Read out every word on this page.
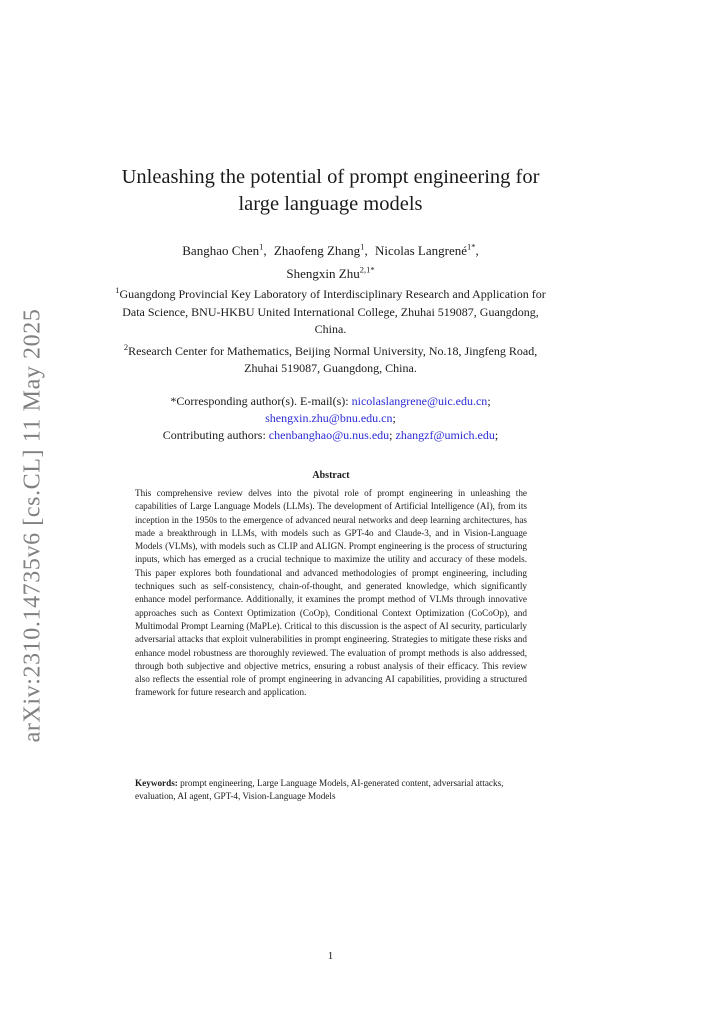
arXiv:2310.14735v6 [cs.CL] 11 May 2025
Unleashing the potential of prompt engineering for large language models
Banghao Chen$^1$, Zhaofeng Zhang$^1$, Nicolas Langrené$^{1*}$,
Shengxin Zhu$^{2,1*}$
$^1$Guangdong Provincial Key Laboratory of Interdisciplinary Research and Application for Data Science, BNU-HKBU United International College, Zhuhai 519087, Guangdong, China.
$^2$Research Center for Mathematics, Beijing Normal University, No.18, Jingfeng Road, Zhuhai 519087, Guangdong, China.
*Corresponding author(s). E-mail(s): nicolaslangrene@uic.edu.cn;
shengxin.zhu@bnu.edu.cn;
Contributing authors: chenbanghao@u.nus.edu; zhangzf@umich.edu;
Abstract

This comprehensive review delves into the pivotal role of prompt engineering in unleashing the capabilities of Large Language Models (LLMs). The development of Artificial Intelligence (AI), from its inception in the 1950s to the emergence of advanced neural networks and deep learning architectures, has made a breakthrough in LLMs, with models such as GPT-4o and Claude-3, and in Vision-Language Models (VLMs), with models such as CLIP and ALIGN. Prompt engineering is the process of structuring inputs, which has emerged as a crucial technique to maximize the utility and accuracy of these models. This paper explores both foundational and advanced methodologies of prompt engineering, including techniques such as self-consistency, chain-of-thought, and generated knowledge, which significantly enhance model performance. Additionally, it examines the prompt method of VLMs through innovative approaches such as Context Optimization (CoOp), Conditional Context Optimization (CoCoOp), and Multimodal Prompt Learning (MaPLe). Critical to this discussion is the aspect of AI security, particularly adversarial attacks that exploit vulnerabilities in prompt engineering. Strategies to mitigate these risks and enhance model robustness are thoroughly reviewed. The evaluation of prompt methods is also addressed, through both subjective and objective metrics, ensuring a robust analysis of their efficacy. This review also reflects the essential role of prompt engineering in advancing AI capabilities, providing a structured framework for future research and application.

Keywords: prompt engineering, Large Language Models, AI-generated content, adversarial attacks, evaluation, AI agent, GPT-4, Vision-Language Models

1
